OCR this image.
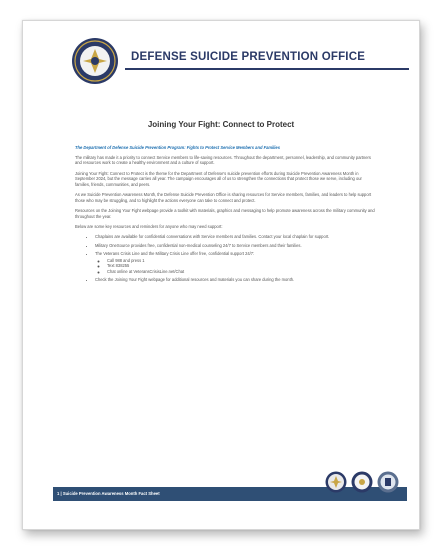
DEFENSE SUICIDE PREVENTION OFFICE
Joining Your Fight: Connect to Protect
The Department of Defense Suicide Prevention Program: Fights to Protect Service Members and Families
The military has made it a priority to connect Service members to life-saving resources. Throughout the department, personnel, leadership, and community partners and resources work to create a healthy environment and a culture of support.
Joining Your Fight: Connect to Protect is the theme for the Department of Defense's suicide prevention efforts during Suicide Prevention Awareness Month in September 2024, but the message carries all year. The campaign encourages all of us to strengthen the connections that protect those we serve, including our families, friends, communities, and peers.
As we Suicide Prevention Awareness Month, the Defense Suicide Prevention Office is sharing resources for Service members, families, and leaders to help support those who may be struggling, and to highlight the actions everyone can take to connect and protect.
Resources on the Joining Your Fight webpage provide a toolkit with materials, graphics and messaging to help promote awareness across the military community and throughout the year.
Below are some key resources and reminders for anyone who may need support:
• Chaplains are available for confidential conversations with Service members and families. Contact your local chaplain for support.
• Military OneSource provides free, confidential non-medical counseling 24/7 to Service members and their families.
• The Veterans Crisis Line and the Military Crisis Line offer free, confidential support 24/7:
◦ Call 988 and press 1
◦ Text 838255
◦ Chat online at VeteransCrisisLine.net/Chat
• Check the Joining Your Fight webpage for additional resources and materials you can share during the month.
1 | Suicide Prevention Awareness Month Fact Sheet
